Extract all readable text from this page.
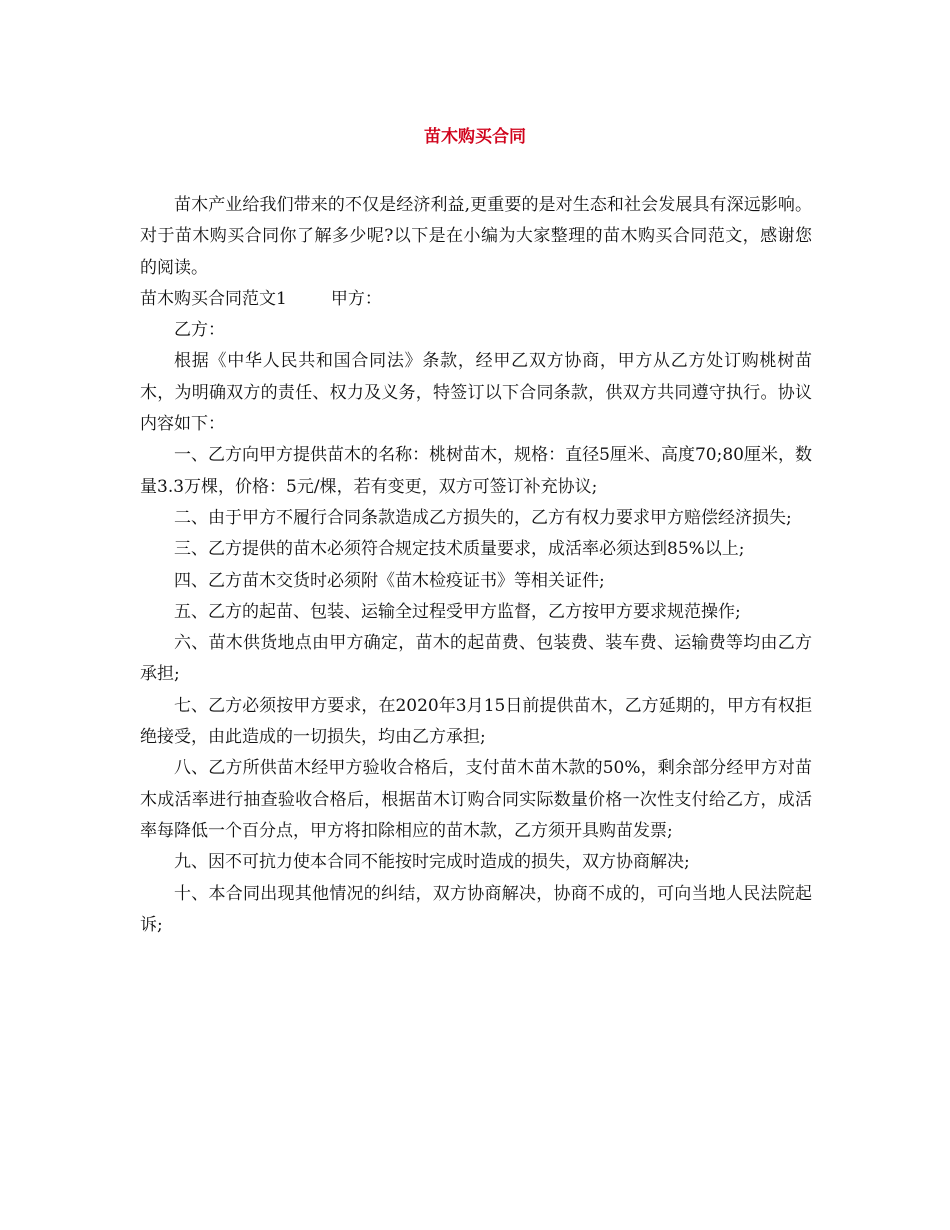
苗木购买合同

苗木产业给我们带来的不仅是经济利益,更重要的是对生态和社会发展具有深远影响。对于苗木购买合同你了解多少呢?以下是在小编为大家整理的苗木购买合同范文，感谢您的阅读。

苗木购买合同范文1	甲方：

乙方：

根据《中华人民共和国合同法》条款，经甲乙双方协商，甲方从乙方处订购桃树苗木，为明确双方的责任、权力及义务，特签订以下合同条款，供双方共同遵守执行。协议内容如下：

一、乙方向甲方提供苗木的名称：桃树苗木，规格：直径5厘米、高度70;80厘米，数量3.3万棵，价格：5元/棵，若有变更，双方可签订补充协议;

二、由于甲方不履行合同条款造成乙方损失的，乙方有权力要求甲方赔偿经济损失;

三、乙方提供的苗木必须符合规定技术质量要求，成活率必须达到85%以上;

四、乙方苗木交货时必须附《苗木检疫证书》等相关证件;

五、乙方的起苗、包装、运输全过程受甲方监督，乙方按甲方要求规范操作;

六、苗木供货地点由甲方确定，苗木的起苗费、包装费、装车费、运输费等均由乙方承担;

七、乙方必须按甲方要求，在2020年3月15日前提供苗木，乙方延期的，甲方有权拒绝接受，由此造成的一切损失，均由乙方承担;

八、乙方所供苗木经甲方验收合格后，支付苗木苗木款的50%，剩余部分经甲方对苗木成活率进行抽查验收合格后，根据苗木订购合同实际数量价格一次性支付给乙方，成活率每降低一个百分点，甲方将扣除相应的苗木款，乙方须开具购苗发票;

九、因不可抗力使本合同不能按时完成时造成的损失，双方协商解决;

十、本合同出现其他情况的纠结，双方协商解决，协商不成的，可向当地人民法院起诉;
